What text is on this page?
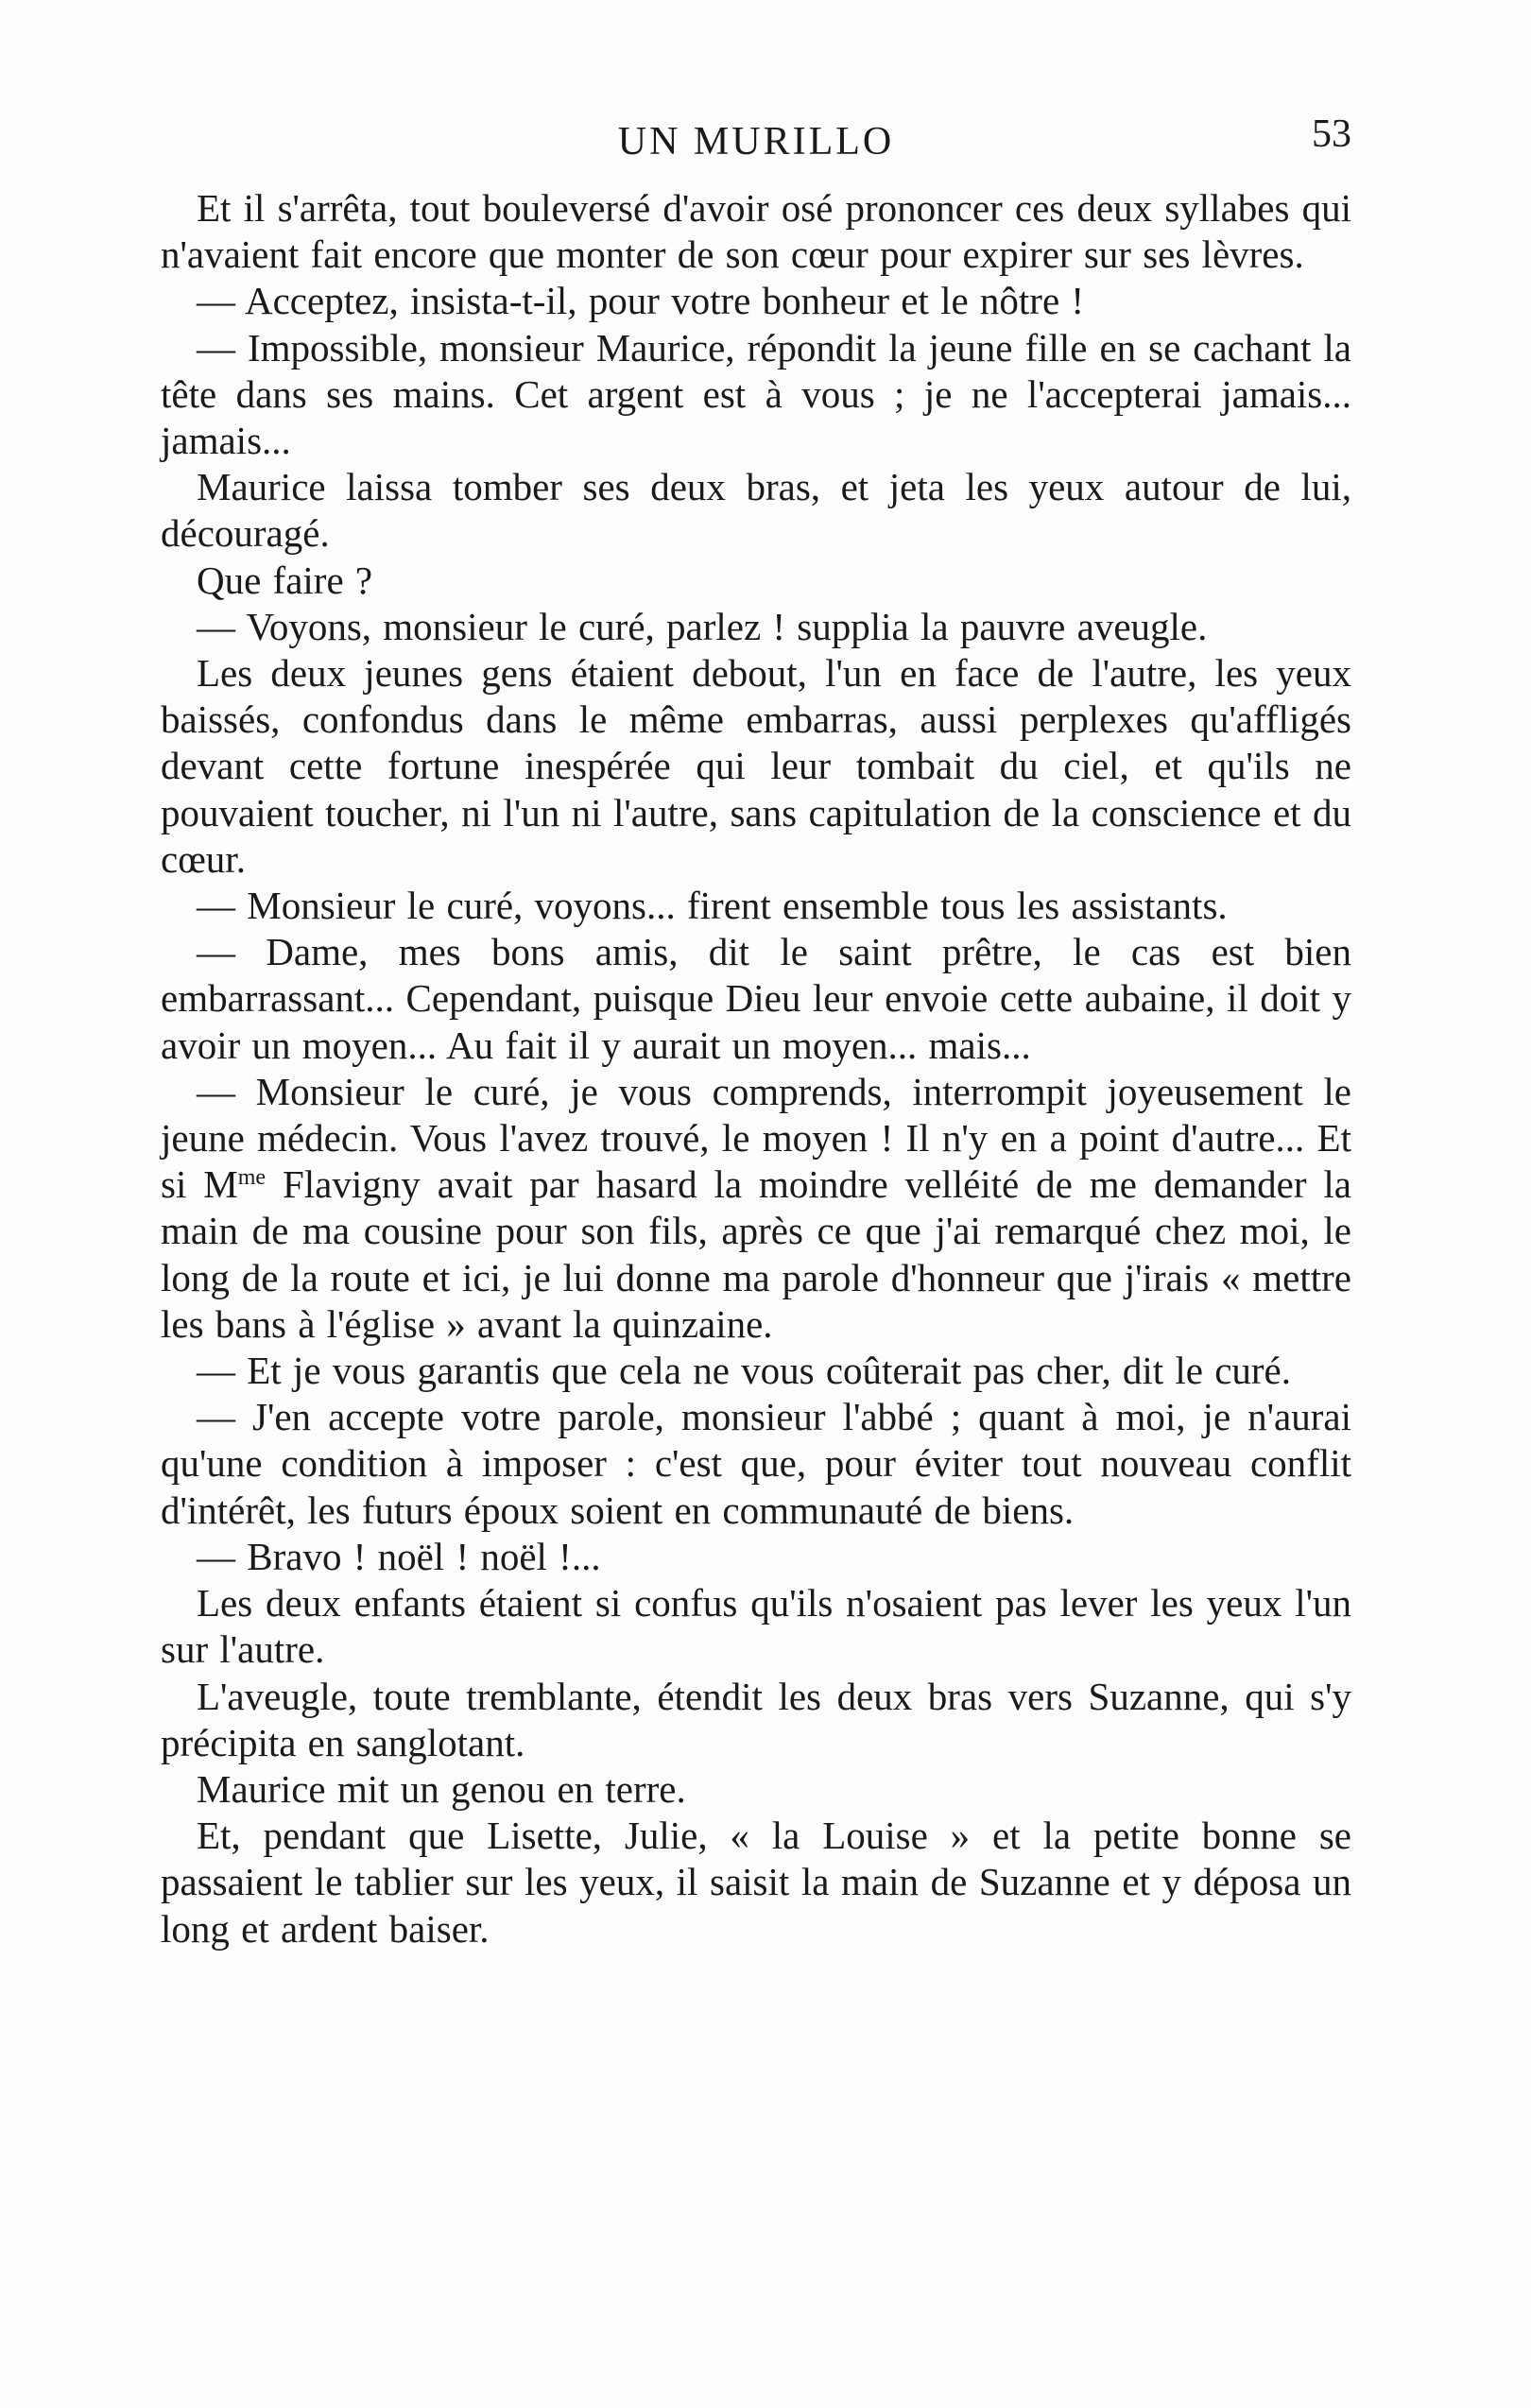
UN MURILLO	53

Et il s'arrêta, tout bouleversé d'avoir osé prononcer ces deux syllabes qui n'avaient fait encore que monter de son cœur pour expirer sur ses lèvres.

— Acceptez, insista-t-il, pour votre bonheur et le nôtre !

— Impossible, monsieur Maurice, répondit la jeune fille en se cachant la tête dans ses mains. Cet argent est à vous ; je ne l'accepterai jamais... jamais...

Maurice laissa tomber ses deux bras, et jeta les yeux autour de lui, découragé.

Que faire ?

— Voyons, monsieur le curé, parlez ! supplia la pauvre aveugle.

Les deux jeunes gens étaient debout, l'un en face de l'autre, les yeux baissés, confondus dans le même embarras, aussi perplexes qu'affligés devant cette fortune inespérée qui leur tombait du ciel, et qu'ils ne pouvaient toucher, ni l'un ni l'autre, sans capitulation de la conscience et du cœur.

— Monsieur le curé, voyons... firent ensemble tous les assistants.

— Dame, mes bons amis, dit le saint prêtre, le cas est bien embarrassant... Cependant, puisque Dieu leur envoie cette aubaine, il doit y avoir un moyen... Au fait il y aurait un moyen... mais...

— Monsieur le curé, je vous comprends, interrompit joyeusement le jeune médecin. Vous l'avez trouvé, le moyen ! Il n'y en a point d'autre... Et si $M^{me}$ Flavigny avait par hasard la moindre velléité de me demander la main de ma cousine pour son fils, après ce que j'ai remarqué chez moi, le long de la route et ici, je lui donne ma parole d'honneur que j'irais « mettre les bans à l'église » avant la quinzaine.

— Et je vous garantis que cela ne vous coûterait pas cher, dit le curé.

— J'en accepte votre parole, monsieur l'abbé ; quant à moi, je n'aurai qu'une condition à imposer : c'est que, pour éviter tout nouveau conflit d'intérêt, les futurs époux soient en communauté de biens.

— Bravo ! noël ! noël !...

Les deux enfants étaient si confus qu'ils n'osaient pas lever les yeux l'un sur l'autre.

L'aveugle, toute tremblante, étendit les deux bras vers Suzanne, qui s'y précipita en sanglotant.

Maurice mit un genou en terre.

Et, pendant que Lisette, Julie, « la Louise » et la petite bonne se passaient le tablier sur les yeux, il saisit la main de Suzanne et y déposa un long et ardent baiser.
